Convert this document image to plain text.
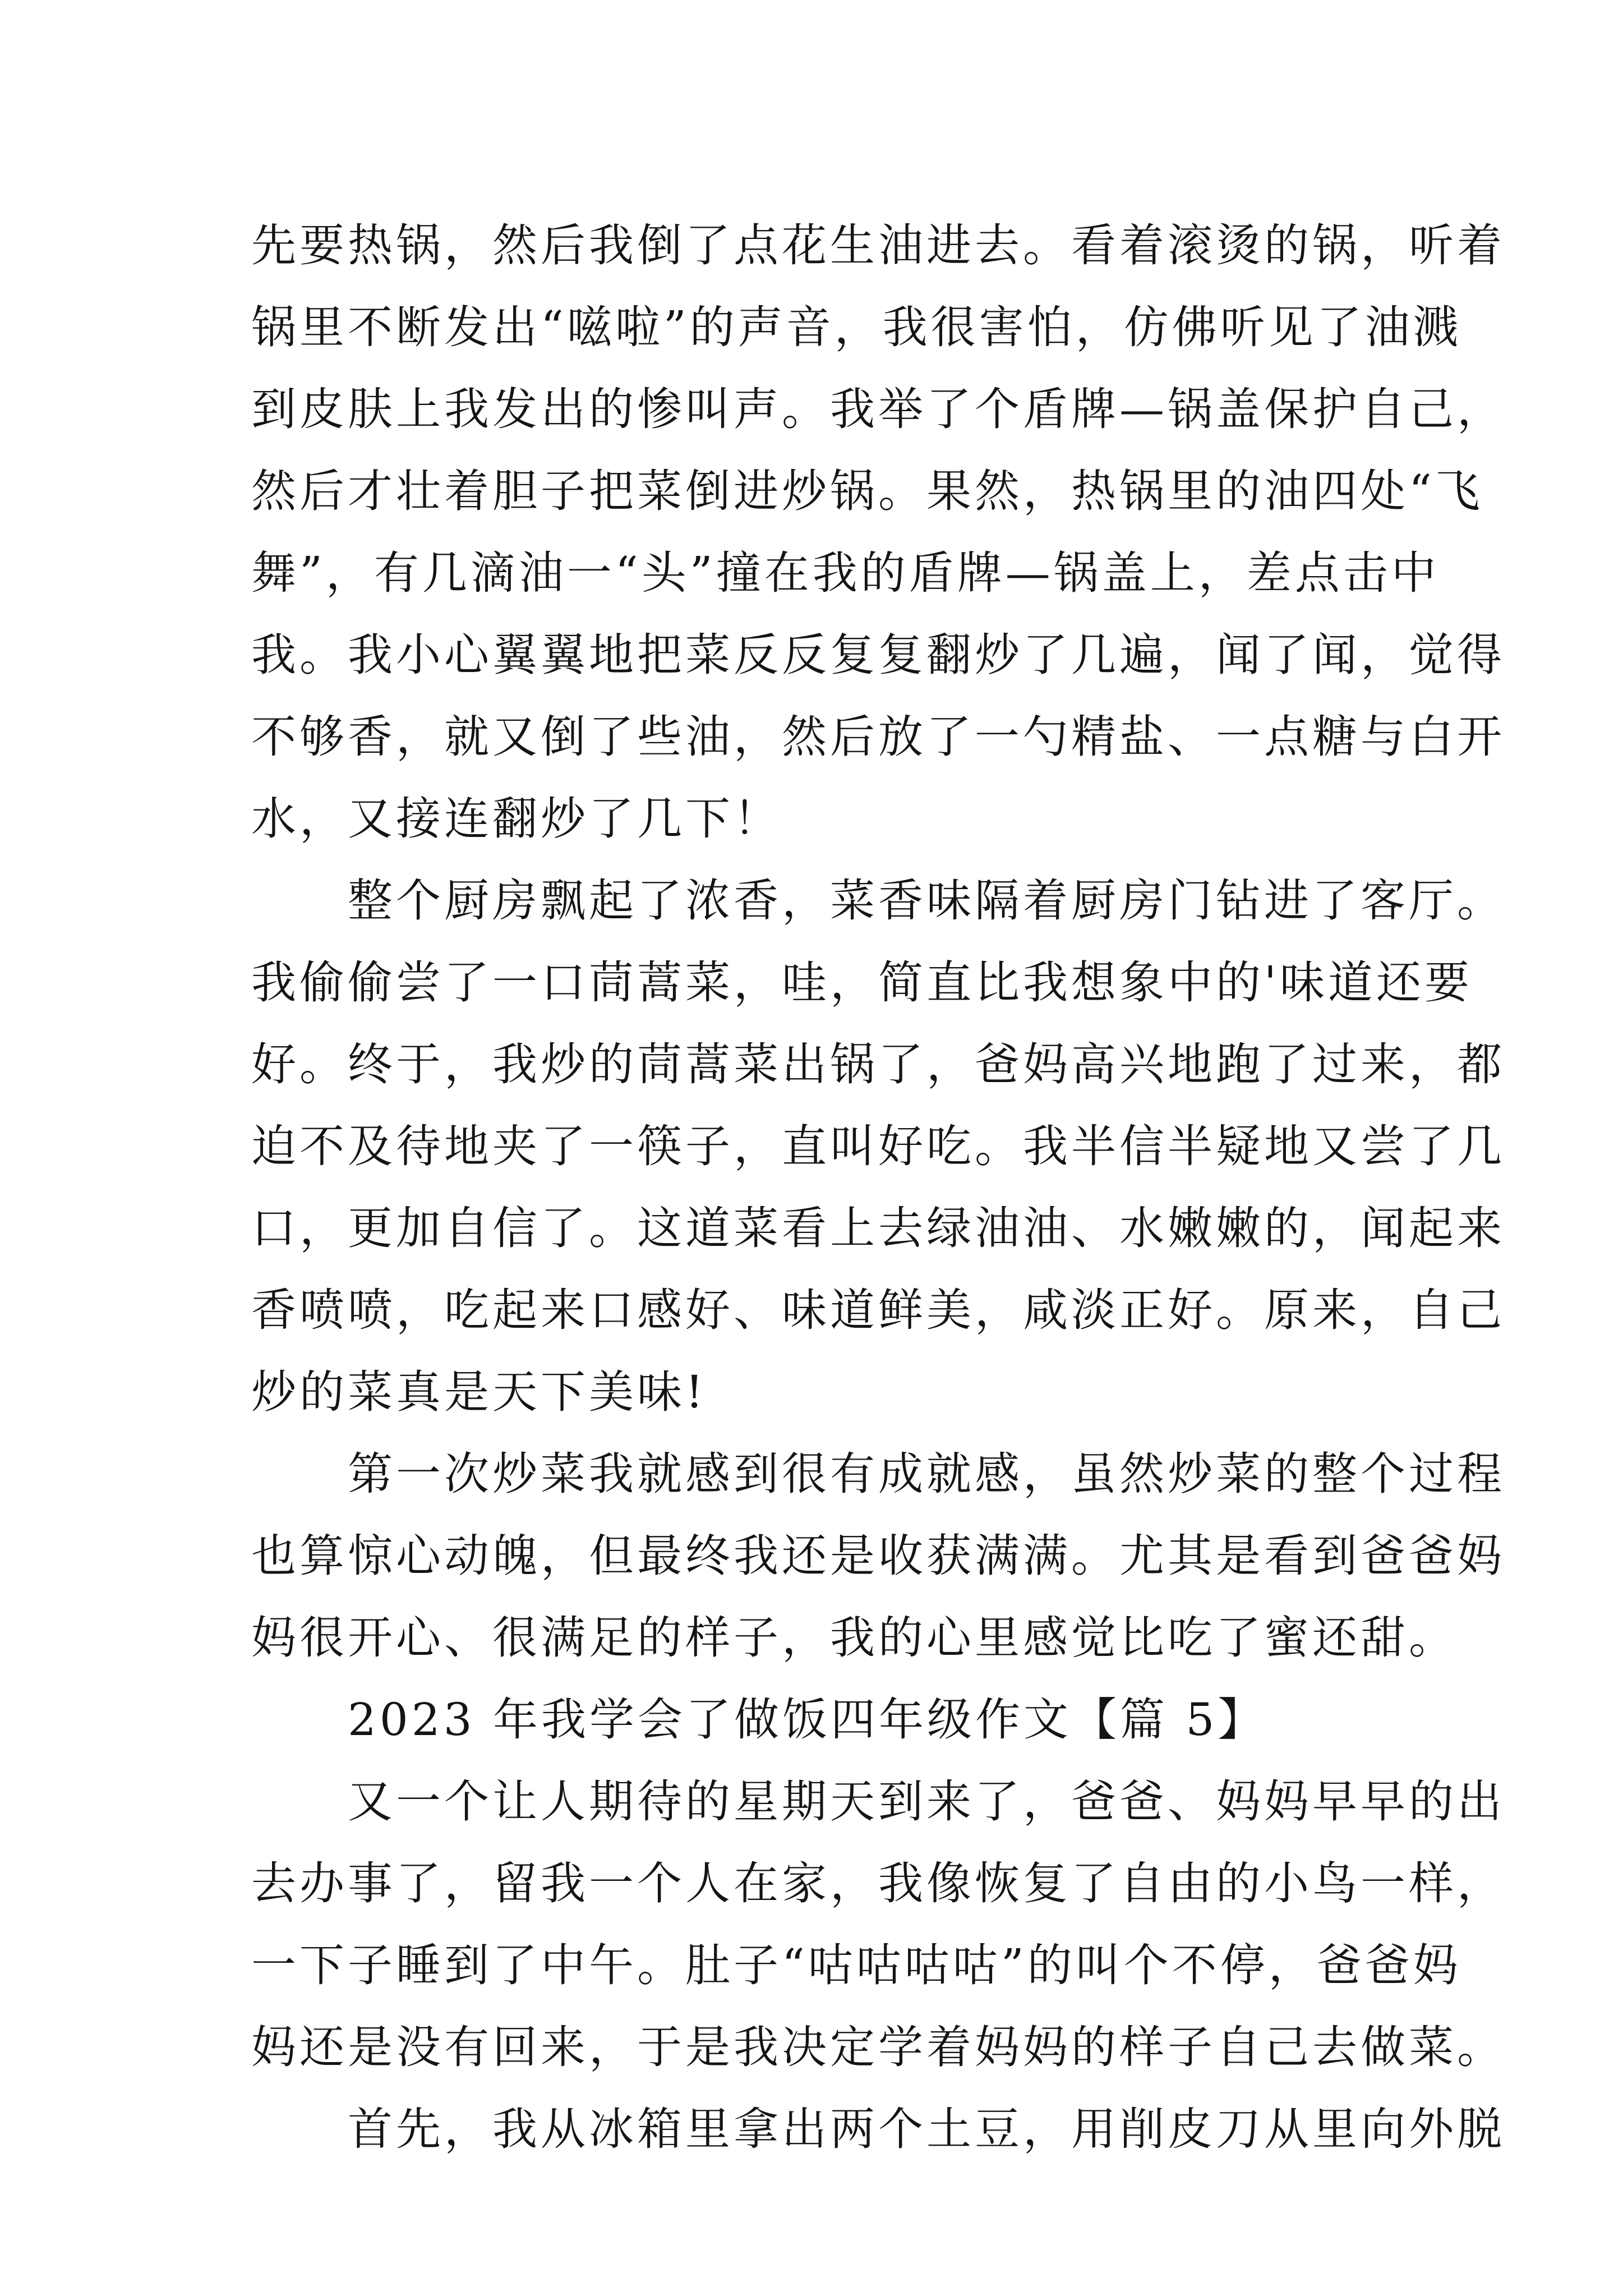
先要热锅，然后我倒了点花生油进去。看着滚烫的锅，听着
锅里不断发出“嗞啦”的声音，我很害怕，仿佛听见了油溅
到皮肤上我发出的惨叫声。我举了个盾牌—锅盖保护自己，
然后才壮着胆子把菜倒进炒锅。果然，热锅里的油四处“飞
舞”，有几滴油一“头”撞在我的盾牌—锅盖上，差点击中
我。我小心翼翼地把菜反反复复翻炒了几遍，闻了闻，觉得
不够香，就又倒了些油，然后放了一勺精盐、一点糖与白开
水，又接连翻炒了几下！
　　整个厨房飘起了浓香，菜香味隔着厨房门钻进了客厅。
我偷偷尝了一口茼蒿菜，哇，简直比我想象中的'味道还要
好。终于，我炒的茼蒿菜出锅了，爸妈高兴地跑了过来，都
迫不及待地夹了一筷子，直叫好吃。我半信半疑地又尝了几
口，更加自信了。这道菜看上去绿油油、水嫩嫩的，闻起来
香喷喷，吃起来口感好、味道鲜美，咸淡正好。原来，自己
炒的菜真是天下美味!
　　第一次炒菜我就感到很有成就感，虽然炒菜的整个过程
也算惊心动魄，但最终我还是收获满满。尤其是看到爸爸妈
妈很开心、很满足的样子，我的心里感觉比吃了蜜还甜。
　　2023 年我学会了做饭四年级作文【篇 5】
　　又一个让人期待的星期天到来了，爸爸、妈妈早早的出
去办事了，留我一个人在家，我像恢复了自由的小鸟一样，
一下子睡到了中午。肚子“咕咕咕咕”的叫个不停，爸爸妈
妈还是没有回来，于是我决定学着妈妈的样子自己去做菜。
　　首先，我从冰箱里拿出两个土豆，用削皮刀从里向外脱
